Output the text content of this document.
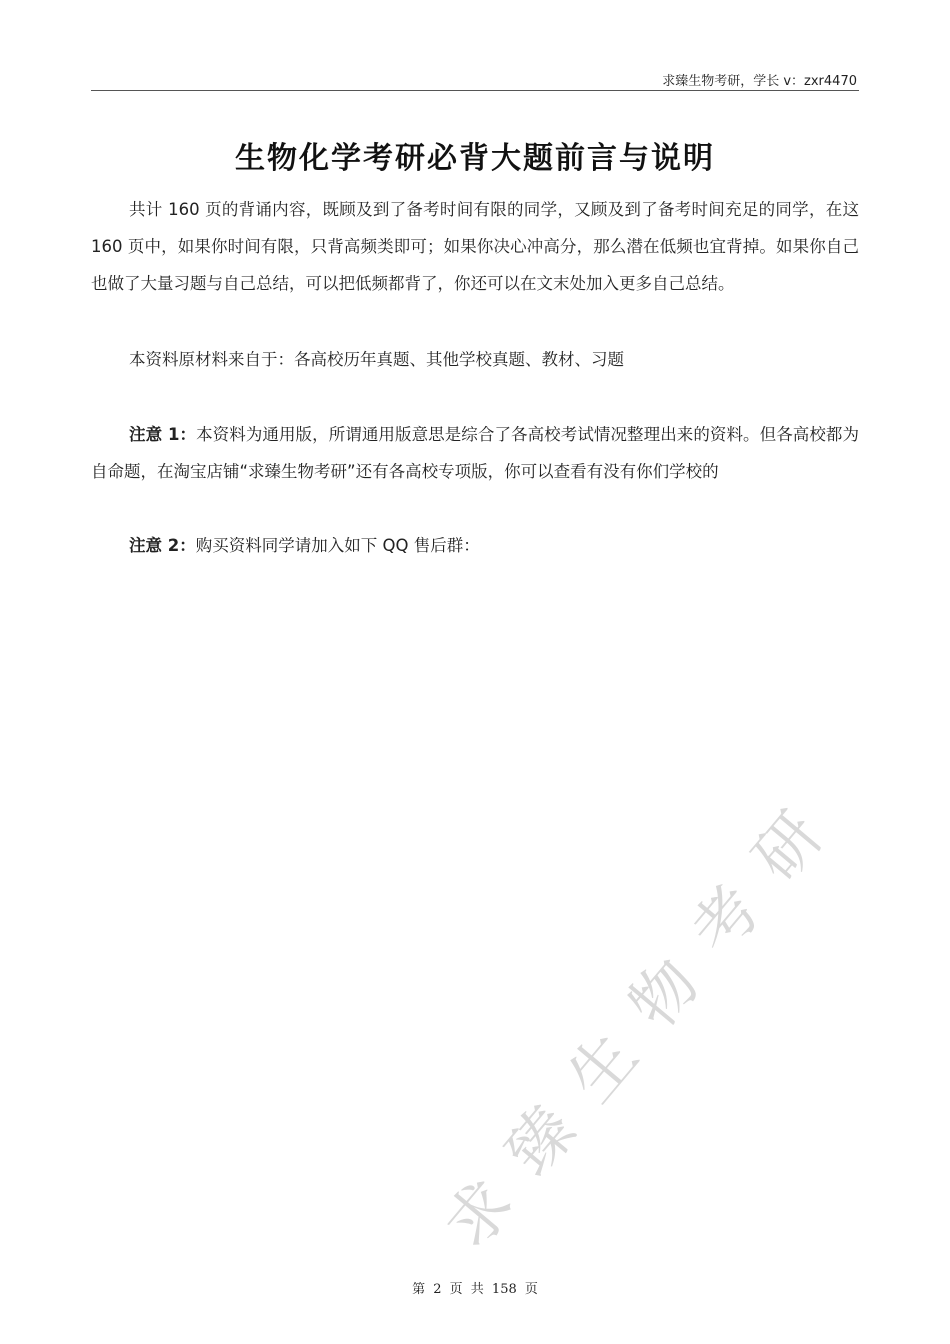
求臻生物考研，学长 v：zxr4470
生物化学考研必背大题前言与说明

共计 160 页的背诵内容，既顾及到了备考时间有限的同学，又顾及到了备考时间充足的同学，在这 160 页中，如果你时间有限，只背高频类即可；如果你决心冲高分，那么潜在低频也宜背掉。如果你自己也做了大量习题与自己总结，可以把低频都背了，你还可以在文末处加入更多自己总结。

本资料原材料来自于：各高校历年真题、其他学校真题、教材、习题

注意 1：本资料为通用版，所谓通用版意思是综合了各高校考试情况整理出来的资料。但各高校都为自命题，在淘宝店铺“求臻生物考研”还有各高校专项版，你可以查看有没有你们学校的

注意 2：购买资料同学请加入如下 QQ 售后群：

求臻生物考研
第 2 页 共 158 页
